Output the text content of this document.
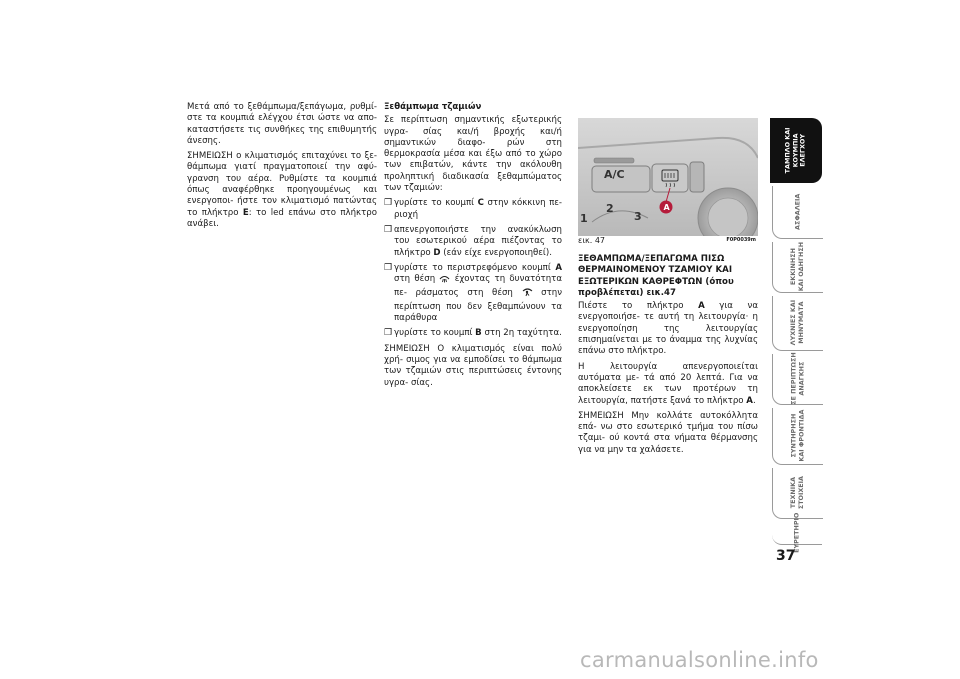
Μετά από το ξεθάμπωμα/ξεπάγωμα, ρυθμί- στε τα κουμπιά ελέγχου έτσι ώστε να απο- καταστήσετε τις συνθήκες της επιθυμητής άνεσης.

ΣΗΜΕΙΩΣΗ ο κλιματισμός επιταχύνει το ξε- θάμπωμα γιατί πραγματοποιεί την αφύ- γρανση του αέρα. Ρυθμίστε τα κουμπιά όπως αναφέρθηκε προηγουμένως και ενεργοποι- ήστε τον κλιματισμό πατώντας το πλήκτρο E: το led επάνω στο πλήκτρο ανάβει.

Ξεθάμπωμα τζαμιών

Σε περίπτωση σημαντικής εξωτερικής υγρα- σίας και/ή βροχής και/ή σημαντικών διαφο- ρών στη θερμοκρασία μέσα και έξω από το χώρο των επιβατών, κάντε την ακόλουθη προληπτική διαδικασία ξεθαμπώματος των τζαμιών:

❒ γυρίστε το κουμπί C στην κόκκινη πε- ριοχή
❒ απενεργοποιήστε την ανακύκλωση του εσωτερικού αέρα πιέζοντας το πλήκτρο D (εάν είχε ενεργοποιηθεί).
❒ γυρίστε το περιστρεφόμενο κουμπί A στη θέση  έχοντας τη δυνατότητα πε- ράσματος στη θέση  στην περίπτωση που δεν ξεθαμπώνουν τα παράθυρα
❒ γυρίστε το κουμπί B στη 2η ταχύτητα.

ΣΗΜΕΙΩΣΗ Ο κλιματισμός είναι πολύ χρή- σιμος για να εμποδίσει το θάμπωμα των τζαμιών στις περιπτώσεις έντονης υγρα- σίας.

A/C
A
1
2
3
εικ. 47	F0P0039m

ΞΕΘΑΜΠΩΜΑ/ΞΕΠΑΓΩΜΑ ΠΙΣΩ ΘΕΡΜΑΙΝΟΜΕΝΟΥ ΤΖΑΜΙΟΥ ΚΑΙ ΕΞΩΤΕΡΙΚΩΝ ΚΑΘΡΕΦΤΩΝ (όπου προβλέπεται) εικ.47

Πιέστε το πλήκτρο A για να ενεργοποιήσε- τε αυτή τη λειτουργία· η ενεργοποίηση της λειτουργίας επισημαίνεται με το άναμμα της λυχνίας επάνω στο πλήκτρο.

Η λειτουργία απενεργοποιείται αυτόματα με- τά από 20 λεπτά. Για να αποκλείσετε εκ των προτέρων τη λειτουργία, πατήστε ξανά το πλήκτρο A.

ΣΗΜΕΙΩΣΗ Μην κολλάτε αυτοκόλλητα επά- νω στο εσωτερικό τμήμα του πίσω τζαμι- ού κοντά στα νήματα θέρμανσης για να μην τα χαλάσετε.

ΤΑΜΠΛΟ ΚΑΙ
ΚΟΥΜΠΙΑ
ΕΛΕΓΧΟΥ
ΑΣΦΑΛΕΙΑ
ΕΚΚΙΝΗΣΗ
ΚΑΙ ΟΔΗΓΗΣΗ
ΛΥΧΝΙΕΣ ΚΑΙ
ΜΗΝΥΜΑΤΑ
ΣΕ ΠΕΡΙΠΤΩΣΗ
ΑΝΑΓΚΗΣ
ΣΥΝΤΗΡΗΣΗ
ΚΑΙ ΦΡΟΝΤΙΔΑ
ΤΕΧΝΙΚΑ
ΣΤΟΙΧΕΙΑ
ΕΥΡΕΤΗΡΙΟ
37
carmanualsonline.info
